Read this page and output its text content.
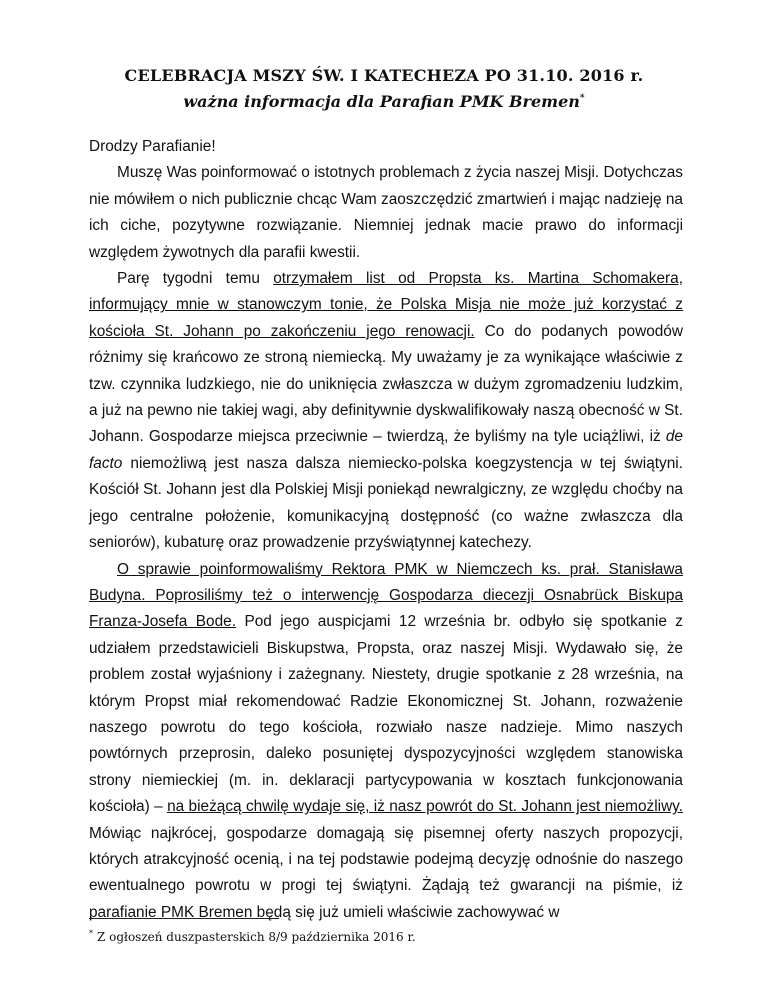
CELEBRACJA MSZY ŚW. I KATECHEZA PO 31.10. 2016 r.
ważna informacja dla Parafian PMK Bremen*

Drodzy Parafianie!

Muszę Was poinformować o istotnych problemach z życia naszej Misji. Dotychczas nie mówiłem o nich publicznie chcąc Wam zaoszczędzić zmartwień i mając nadzieję na ich ciche, pozytywne rozwiązanie. Niemniej jednak macie prawo do informacji względem żywotnych dla parafii kwestii.

Parę tygodni temu otrzymałem list od Propsta ks. Martina Schomakera, informujący mnie w stanowczym tonie, że Polska Misja nie może już korzystać z kościoła St. Johann po zakończeniu jego renowacji. Co do podanych powodów różnimy się krańcowo ze stroną niemiecką. My uważamy je za wynikające właściwie z tzw. czynnika ludzkiego, nie do uniknięcia zwłaszcza w dużym zgromadzeniu ludzkim, a już na pewno nie takiej wagi, aby definitywnie dyskwalifikowały naszą obecność w St. Johann. Gospodarze miejsca przeciwnie – twierdzą, że byliśmy na tyle uciążliwi, iż de facto niemożliwą jest nasza dalsza niemiecko-polska koegzystencja w tej świątyni. Kościół St. Johann jest dla Polskiej Misji poniekąd newralgiczny, ze względu choćby na jego centralne położenie, komunikacyjną dostępność (co ważne zwłaszcza dla seniorów), kubaturę oraz prowadzenie przyświątynnej katechezy.

O sprawie poinformowaliśmy Rektora PMK w Niemczech ks. prał. Stanisława Budyna. Poprosiliśmy też o interwencję Gospodarza diecezji Osnabrück Biskupa Franza-Josefa Bode. Pod jego auspicjami 12 września br. odbyło się spotkanie z udziałem przedstawicieli Biskupstwa, Propsta, oraz naszej Misji. Wydawało się, że problem został wyjaśniony i zażegnany. Niestety, drugie spotkanie z 28 września, na którym Propst miał rekomendować Radzie Ekonomicznej St. Johann, rozważenie naszego powrotu do tego kościoła, rozwiało nasze nadzieje. Mimo naszych powtórnych przeprosin, daleko posuniętej dyspozycyjności względem stanowiska strony niemieckiej (m. in. deklaracji partycypowania w kosztach funkcjonowania kościoła) – na bieżącą chwilę wydaje się, iż nasz powrót do St. Johann jest niemożliwy. Mówiąc najkrócej, gospodarze domagają się pisemnej oferty naszych propozycji, których atrakcyjność ocenią, i na tej podstawie podejmą decyzję odnośnie do naszego ewentualnego powrotu w progi tej świątyni. Żądają też gwarancji na piśmie, iż parafianie PMK Bremen będą się już umieli właściwie zachowywać w

* Z ogłoszeń duszpasterskich 8/9 października 2016 r.
